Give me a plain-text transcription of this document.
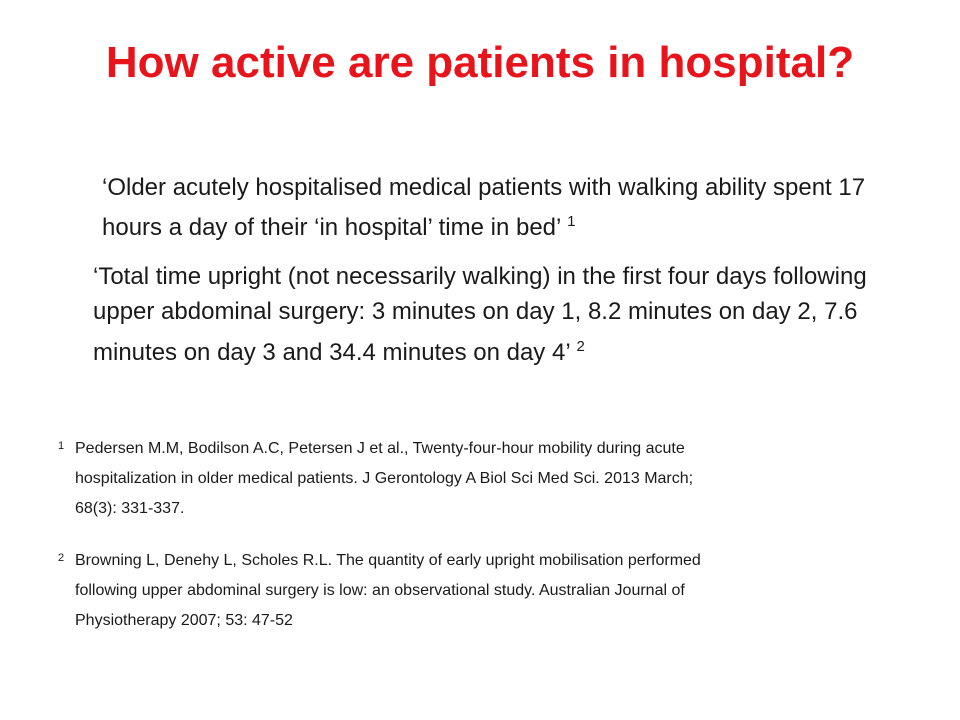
How active are patients in hospital?

‘Older acutely hospitalised medical patients with walking ability spent 17 hours a day of their ‘in hospital’ time in bed’ $^1$

‘Total time upright (not necessarily walking) in the first four days following upper abdominal surgery: 3 minutes on day 1, 8.2 minutes on day 2, 7.6 minutes on day 3 and 34.4 minutes on day 4’ $^2$

1 Pedersen M.M, Bodilson A.C, Petersen J et al., Twenty-four-hour mobility during acute
hospitalization in older medical patients. J Gerontology A Biol Sci Med Sci. 2013 March;
68(3): 331-337.
2 Browning L, Denehy L, Scholes R.L. The quantity of early upright mobilisation performed
following upper abdominal surgery is low: an observational study. Australian Journal of
Physiotherapy 2007; 53: 47-52
